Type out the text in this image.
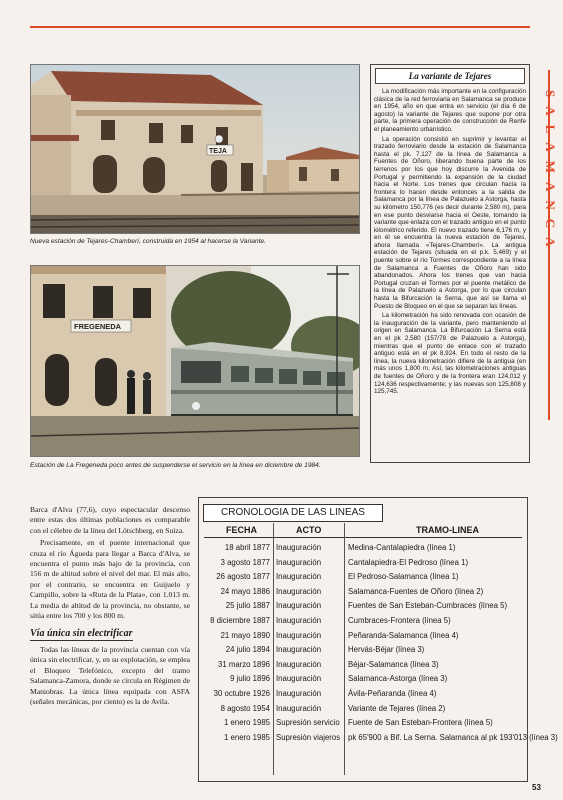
SALAMANCA
TEJA
Nueva estación de Tejares-Chamberí, construida en 1954 al hacerse la Variante.
FREGENEDA
Estación de La Fregeneda poco antes de suspenderse el servicio en la línea en diciembre de 1984.
La variante de Tejares

La modificación más importante en la configuración clásica de la red ferroviaria en Salamanca se produce en 1954, año en que entra en servicio (el día 6 de agosto) la variante de Tejares que supone por otra parte, la primera operación de construcción de Renfe el planeamiento urbanístico.

La operación consistió en suprimir y levantar el trazado ferroviario desde la estación de Salamanca hasta el pk. 7.127 de la línea de Salamanca a Fuentes de Oñoro, liberando buena parte de los terrenos por los que hoy discurre la Avenida de Portugal y permitiendo la expansión de la ciudad hacia el Norte. Los trenes que circulan hacia la frontera lo hacen desde entonces a la salida de Salamanca por la línea de Palazuelo a Astorga, hasta su kilómetro 150,776 (es decir durante 2,580 m), para en ese punto desviarse hacia el Oeste, tomando la variante que enlaza con el trazado antiguo en el punto kilométrico referido. El nuevo trazado tiene 6,176 m, y en él se encuentra la nueva estación de Tejares, ahora llamada «Tejares-Chamberí». La antigua estación de Tejares (situada en el p.k. 5,469) y el puente sobre el río Tormes correspondiente a la línea de Salamanca a Fuentes de Oñoro han sido abandonados. Ahora los trenes que van hacia Portugal cruzan el Tormes por el puente metálico de la línea de Palazuelo a Astorga, por lo que circulan hasta la Bifurcación la Serna, que así se llama el Puesto de Bloqueo en el que se separan las líneas.

La kilometración ha sido renovada con ocasión de la inauguración de la variante, pero manteniendo el origen en Salamanca. La Bifurcación La Serna está en el pk 2,580 (157/78 de Palazuelo a Astorga), mientras que el punto de enlace con el trazado antiguo está en el pk 8,924. En todo el resto de la línea, la nueva kilometración difiere de la antigua (en más unos 1,800 m. Así, las kilometraciones antiguas de fuentes de Oñoro y de la frontera eran 124,012 y 124,636 respectivamente; y las nuevas son 125,808 y 125,745.

Barca d'Alva (77,6), cuyo espectacular descenso entre estas dos últimas poblaciones es comparable con el célebre de la línea del Lötschberg, en Suiza.

Precisamente, en el puente internacional que cruza el río Águeda para llegar a Barca d'Alva, se encuentra el punto más bajo de la provincia, con 156 m de altitud sobre el nivel del mar. El más alto, por el contrario, se encuentra en Guijuelo y Campillo, sobre la «Ruta de la Plata», con 1.013 m. La media de altitud de la provincia, no obstante, se sitúa entre los 700 y los 800 m.

Vía única sin electrificar

Todas las líneas de la provincia cuentan con vía única sin electrificar, y, en su explotación, se emplea el Bloqueo Telefónico, excepto del tramo Salamanca-Zamora, donde se circula en Régimen de Maniobras. La única línea equipada con ASFA (señales mecánicas, por ciento) es la de Avila.

CRONOLOGIA DE LAS LINEAS
FECHA	ACTO	TRAMO-LINEA
18 abril 1877 Inauguración	Medina-Cantalapiedra (línea 1)
3 agosto 1877 Inauguración	Cantalapiedra-El Pedroso (línea 1)
26 agosto 1877 Inauguración	El Pedroso-Salamanca (línea 1)
24 mayo 1886 Inauguración	Salamanca-Fuentes de Oñoro (línea 2)
25 julio 1887 Inauguración	Fuentes de San Esteban-Cumbraces (línea 5)
8 diciembre 1887 Inauguración	Cumbraces-Frontera (línea 5)
21 mayo 1890 Inauguración	Peñaranda-Salamanca (línea 4)
24 julio 1894 Inauguración	Hervás-Béjar (línea 3)
31 marzo 1896 Inauguración	Béjar-Salamanca (línea 3)
9 julio 1896 Inauguración	Salamanca-Astorga (línea 3)
30 octubre 1926 Inauguración	Ávila-Peñaranda (línea 4)
8 agosto 1954 Inauguración	Variante de Tejares (línea 2)
1 enero 1985 Supresión servicio Fuente de San Esteban-Frontera (línea 5)
1 enero 1985 Supresión viajeros pk 65'900 a Bif. La Serna. Salamanca al pk 193'013 (línea 3)
53
